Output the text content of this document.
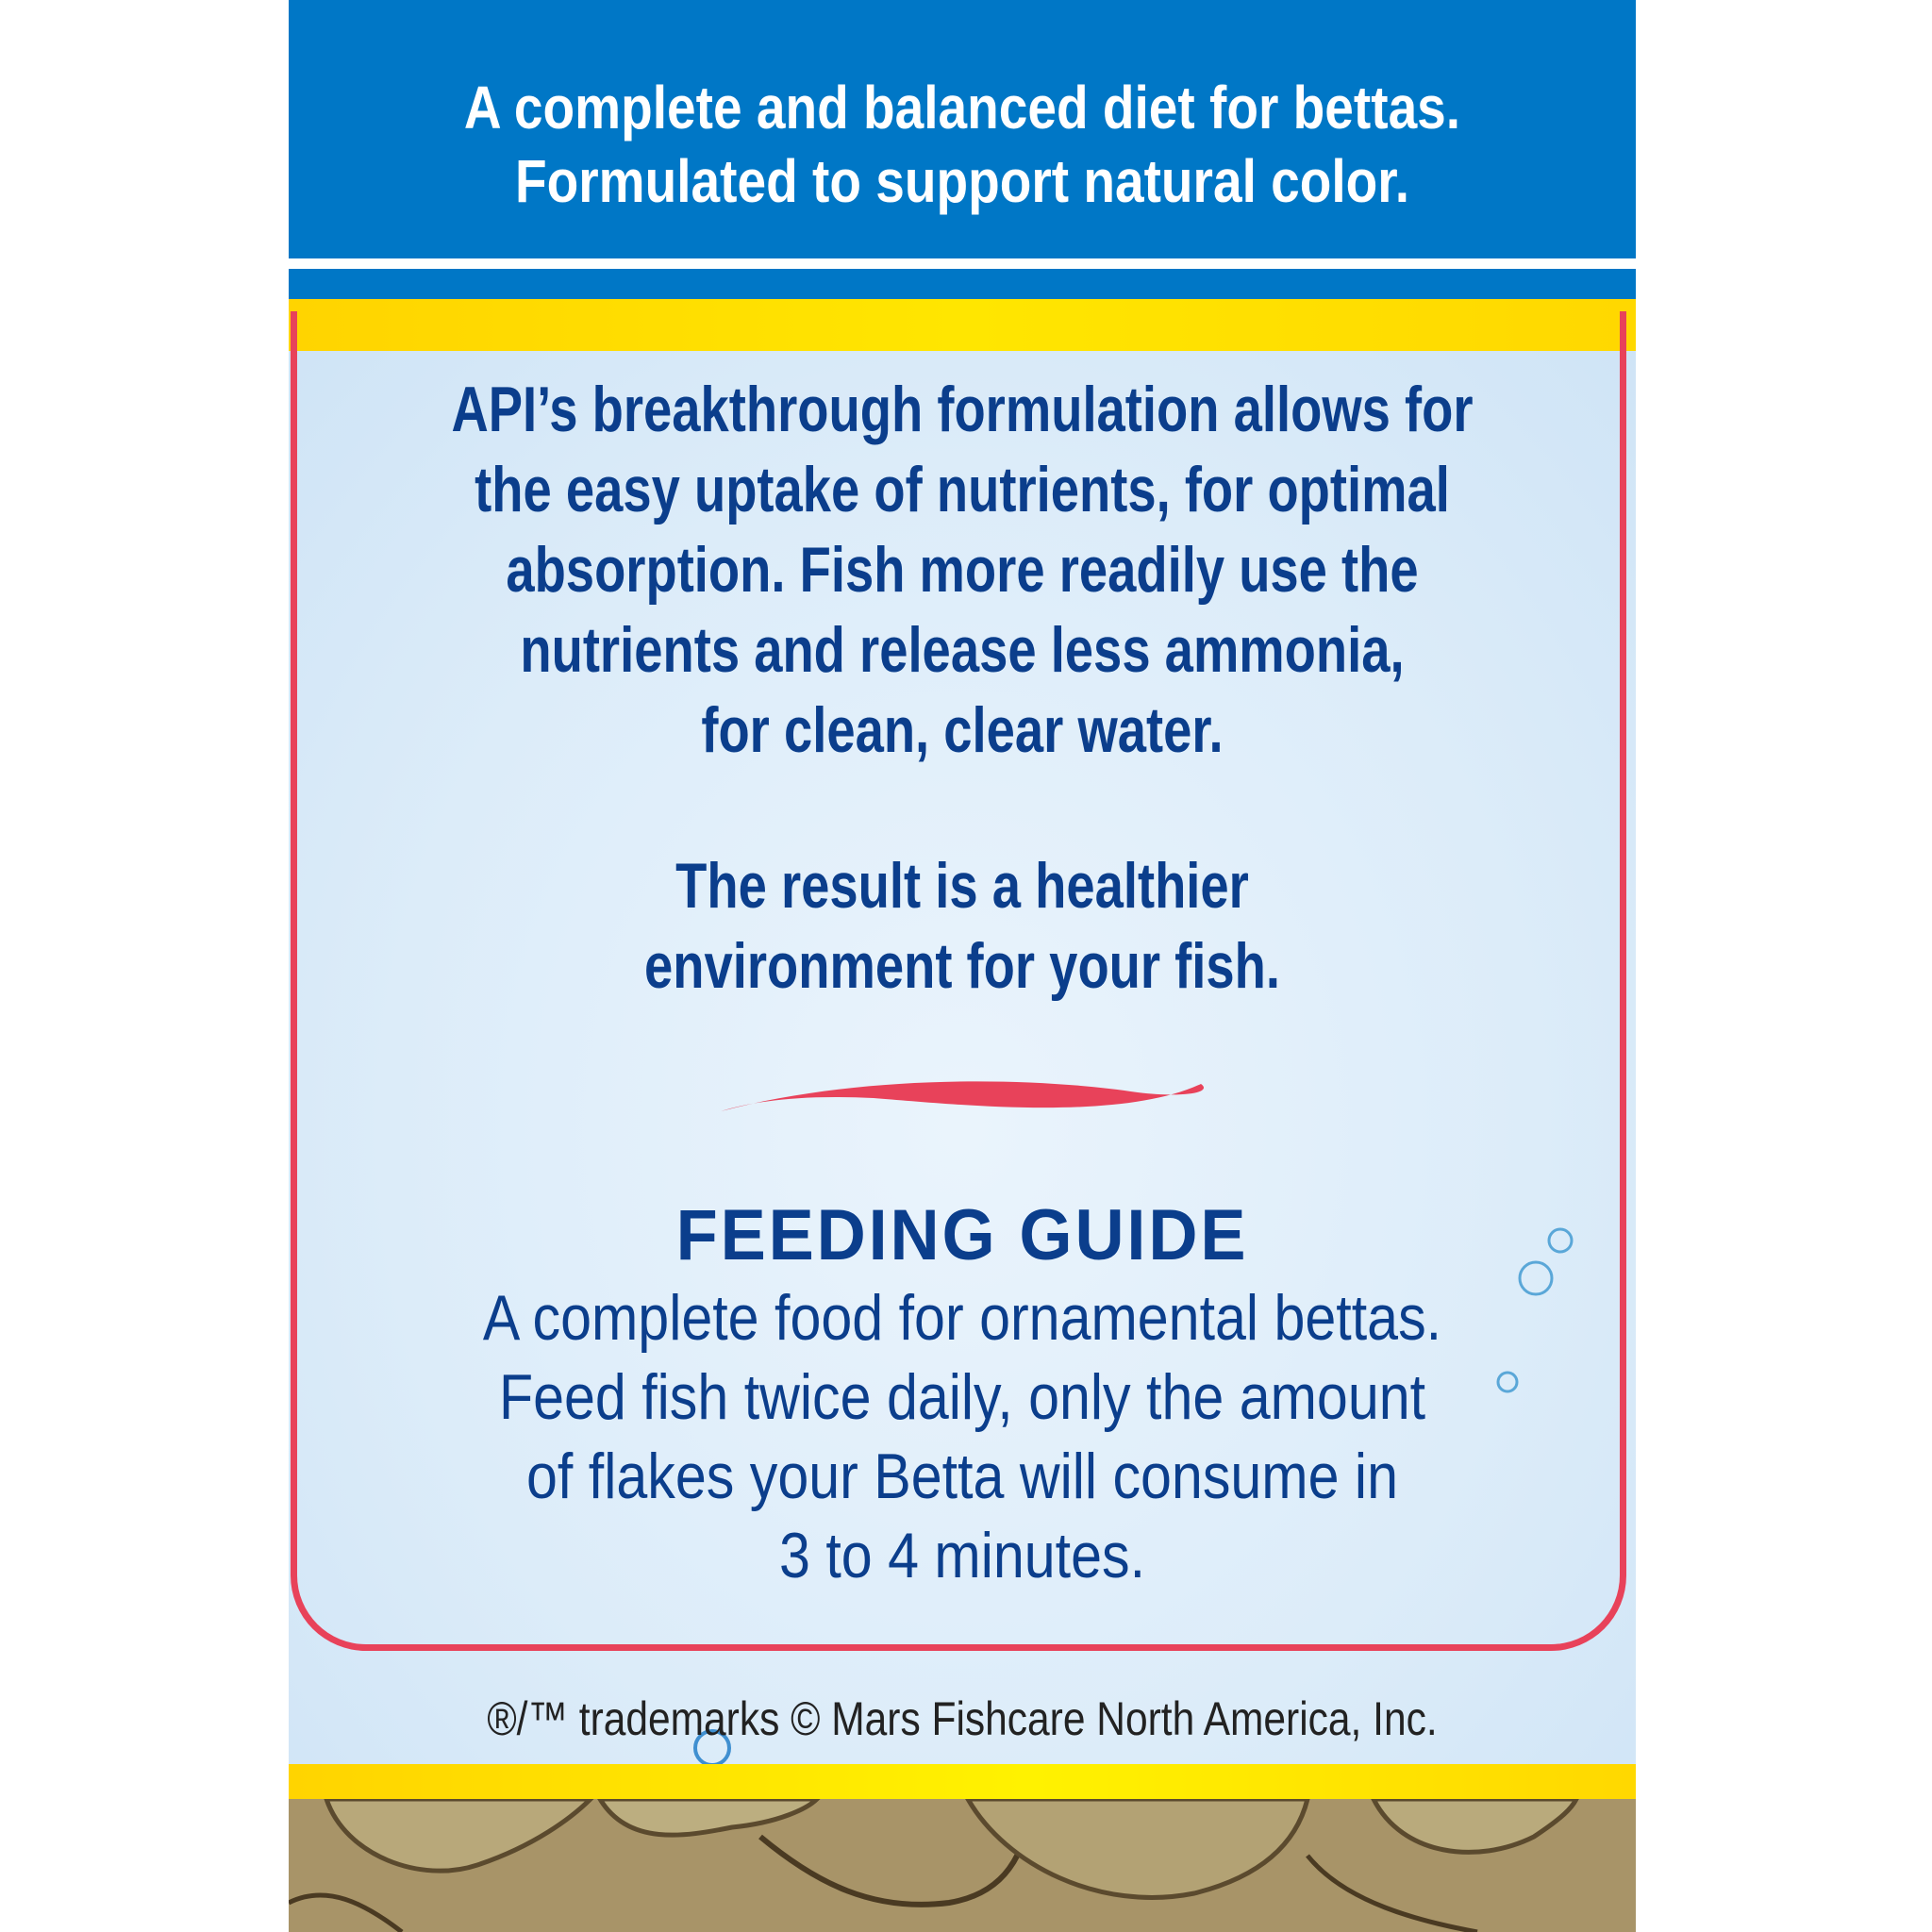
A complete and balanced diet for bettas.
Formulated to support natural color.

API’s breakthrough formulation allows for
the easy uptake of nutrients, for optimal
absorption. Fish more readily use the
nutrients and release less ammonia,
for clean, clear water.

The result is a healthier
environment for your fish.

FEEDING GUIDE

A complete food for ornamental bettas.
Feed fish twice daily, only the amount
of flakes your Betta will consume in
3 to 4 minutes.

®/™ trademarks © Mars Fishcare North America, Inc.
